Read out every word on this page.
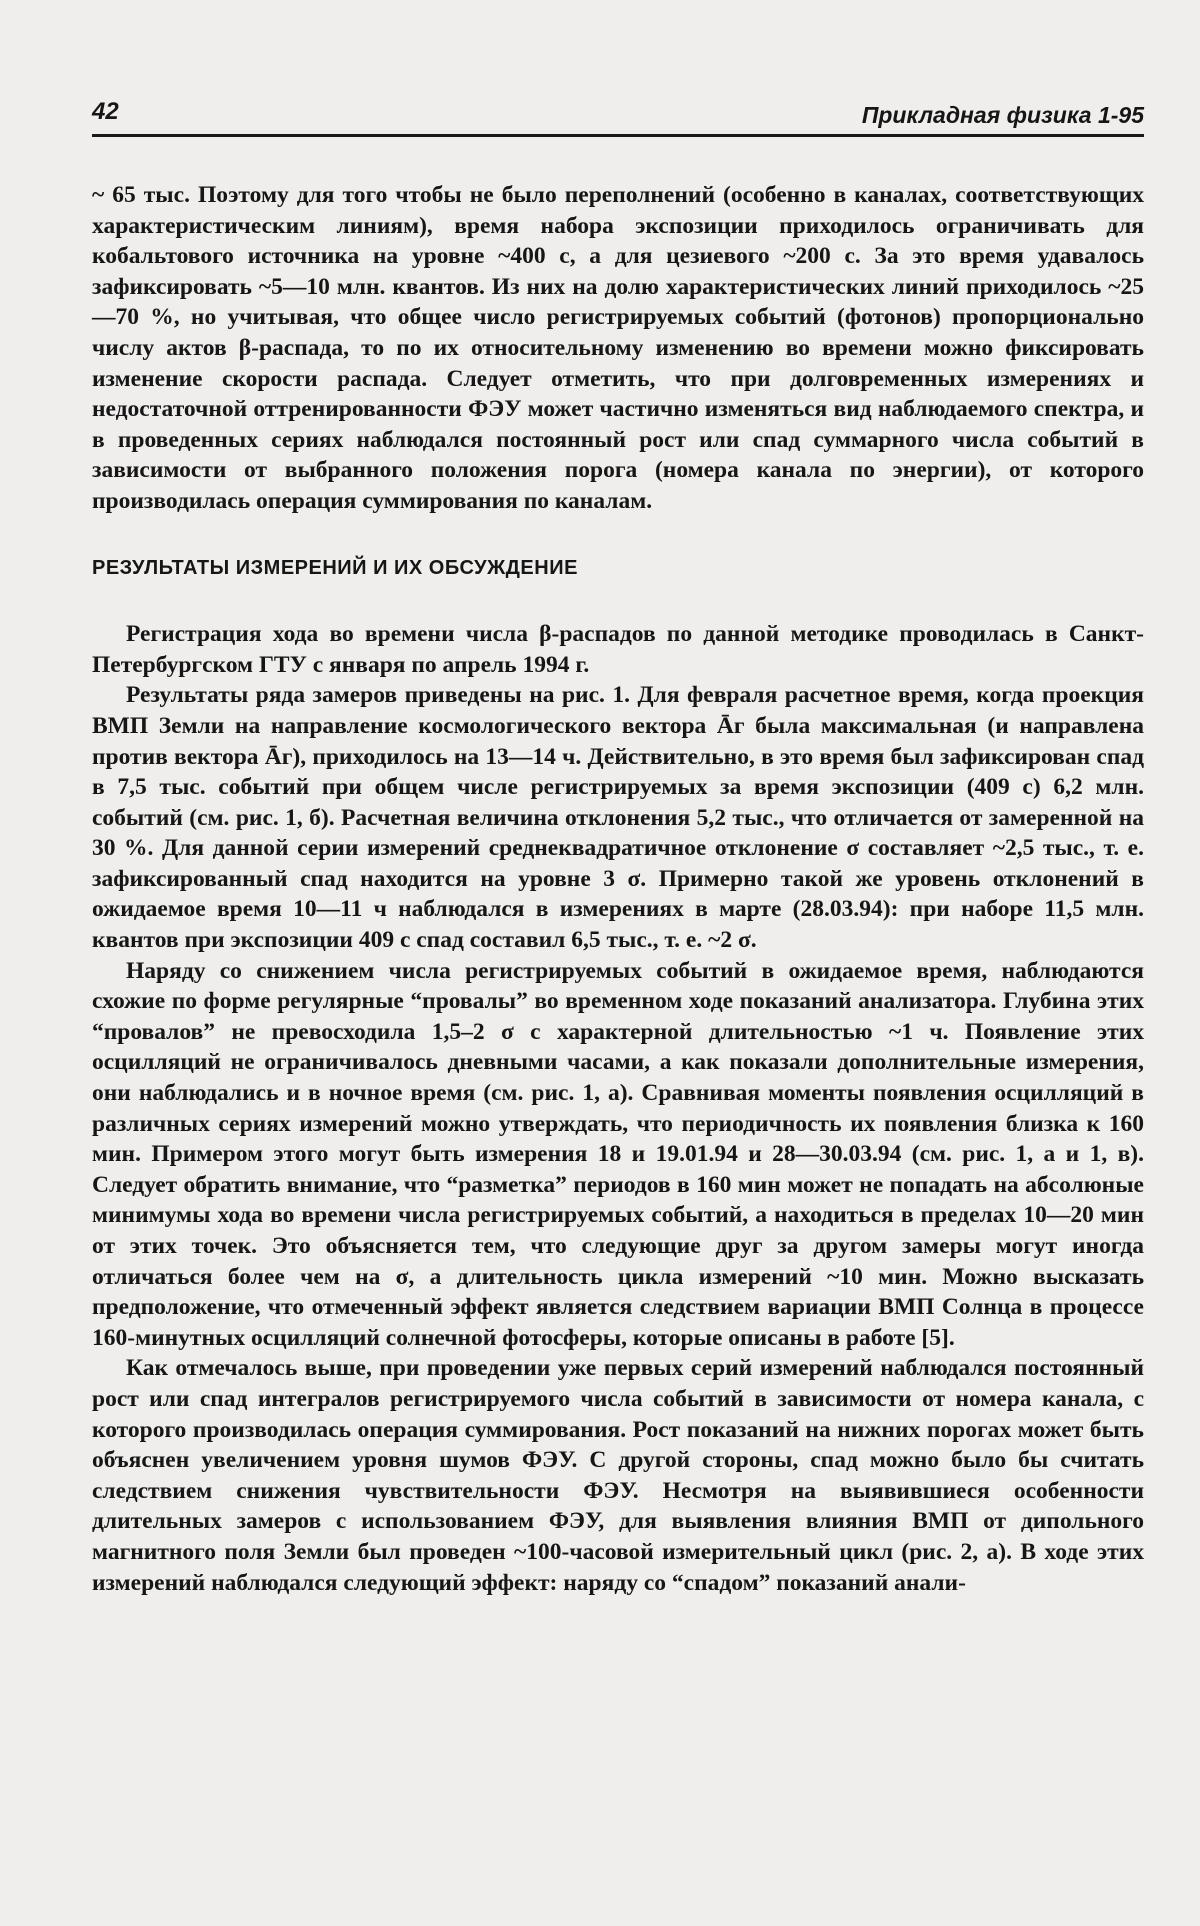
42	Прикладная физика 1-95

~ 65 тыс. Поэтому для того чтобы не было переполнений (особенно в каналах, соответствующих характеристическим линиям), время набора экспозиции приходилось ограничивать для кобальтового источника на уровне ~400 с, а для цезиевого ~200 с. За это время удавалось зафиксировать ~5—10 млн. квантов. Из них на долю характеристических линий приходилось ~25—70 %, но учитывая, что общее число регистрируемых событий (фотонов) пропорционально числу актов β-распада, то по их относительному изменению во времени можно фиксировать изменение скорости распада. Следует отметить, что при долговременных измерениях и недостаточной оттренированности ФЭУ может частично изменяться вид наблюдаемого спектра, и в проведенных сериях наблюдался постоянный рост или спад суммарного числа событий в зависимости от выбранного положения порога (номера канала по энергии), от которого производилась операция суммирования по каналам.

РЕЗУЛЬТАТЫ ИЗМЕРЕНИЙ И ИХ ОБСУЖДЕНИЕ

Регистрация хода во времени числа β-распадов по данной методике проводилась в Санкт-Петербургском ГТУ с января по апрель 1994 г.

Результаты ряда замеров приведены на рис. 1. Для февраля расчетное время, когда проекция ВМП Земли на направление космологического вектора Āг была максимальная (и направлена против вектора Āг), приходилось на 13—14 ч. Действительно, в это время был зафиксирован спад в 7,5 тыс. событий при общем числе регистрируемых за время экспозиции (409 с) 6,2 млн. событий (см. рис. 1, б). Расчетная величина отклонения 5,2 тыс., что отличается от замеренной на 30 %. Для данной серии измерений среднеквадратичное отклонение σ составляет ~2,5 тыс., т. е. зафиксированный спад находится на уровне 3 σ. Примерно такой же уровень отклонений в ожидаемое время 10—11 ч наблюдался в измерениях в марте (28.03.94): при наборе 11,5 млн. квантов при экспозиции 409 с спад составил 6,5 тыс., т. е. ~2 σ.

Наряду со снижением числа регистрируемых событий в ожидаемое время, наблюдаются схожие по форме регулярные “провалы” во временном ходе показаний анализатора. Глубина этих “провалов” не превосходила 1,5–2 σ с характерной длительностью ~1 ч. Появление этих осцилляций не ограничивалось дневными часами, а как показали дополнительные измерения, они наблюдались и в ночное время (см. рис. 1, а). Сравнивая моменты появления осцилляций в различных сериях измерений можно утверждать, что периодичность их появления близка к 160 мин. Примером этого могут быть измерения 18 и 19.01.94 и 28—30.03.94 (см. рис. 1, а и 1, в). Следует обратить внимание, что “разметка” периодов в 160 мин может не попадать на абсолюные минимумы хода во времени числа регистрируемых событий, а находиться в пределах 10—20 мин от этих точек. Это объясняется тем, что следующие друг за другом замеры могут иногда отличаться более чем на σ, а длительность цикла измерений ~10 мин. Можно высказать предположение, что отмеченный эффект является следствием вариации ВМП Солнца в процессе 160-минутных осцилляций солнечной фотосферы, которые описаны в работе [5].

Как отмечалось выше, при проведении уже первых серий измерений наблюдался постоянный рост или спад интегралов регистрируемого числа событий в зависимости от номера канала, с которого производилась операция суммирования. Рост показаний на нижних порогах может быть объяснен увеличением уровня шумов ФЭУ. С другой стороны, спад можно было бы считать следствием снижения чувствительности ФЭУ. Несмотря на выявившиеся особенности длительных замеров с использованием ФЭУ, для выявления влияния ВМП от дипольного магнитного поля Земли был проведен ~100-часовой измерительный цикл (рис. 2, а). В ходе этих измерений наблюдался следующий эффект: наряду со “спадом” показаний анали-
